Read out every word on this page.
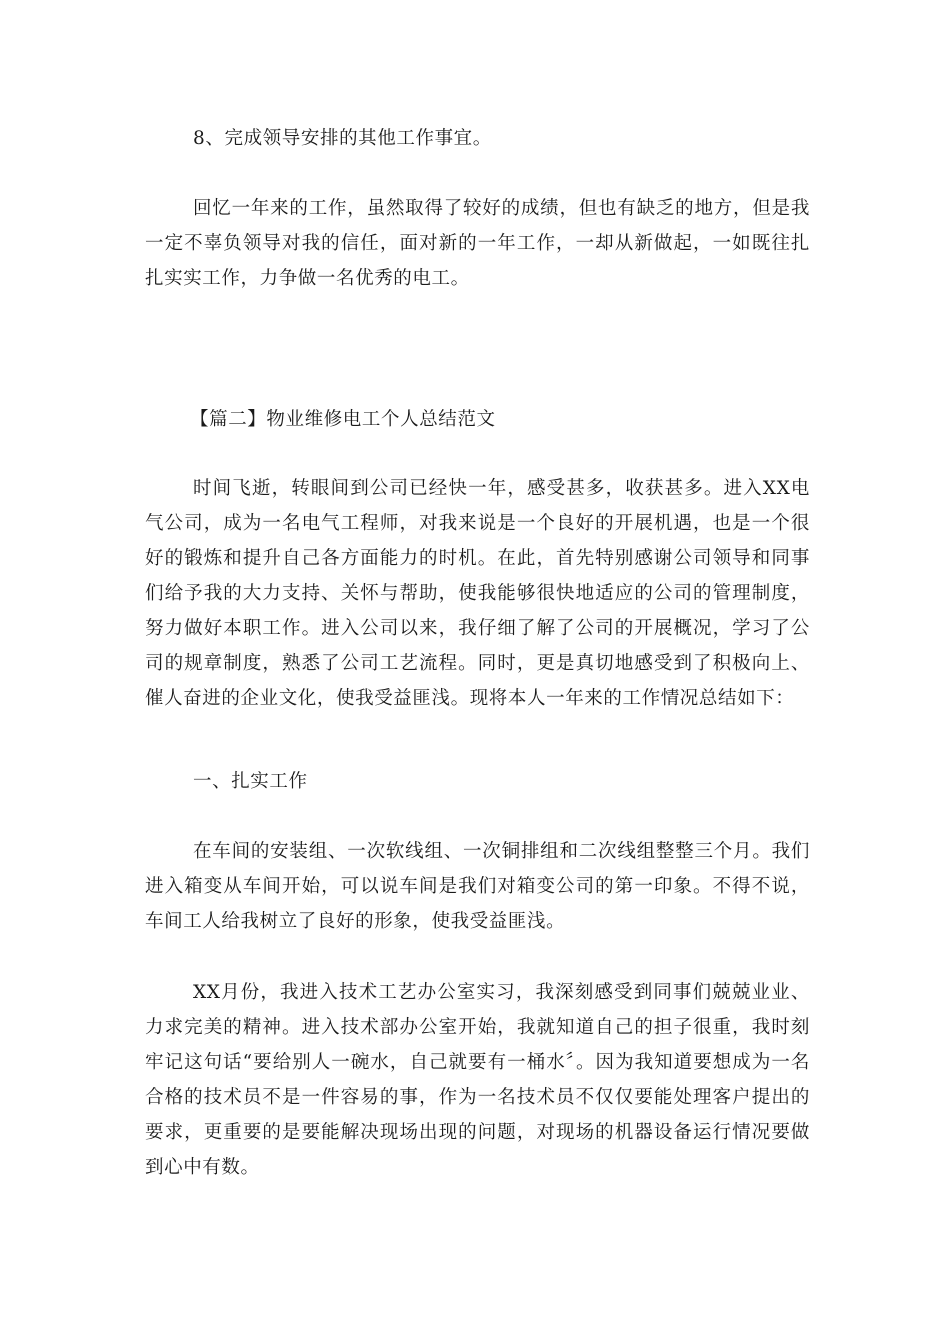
8、完成领导安排的其他工作事宜。

回忆一年来的工作，虽然取得了较好的成绩，但也有缺乏的地方，但是我一定不辜负领导对我的信任，面对新的一年工作，一却从新做起，一如既往扎扎实实工作，力争做一名优秀的电工。

【篇二】物业维修电工个人总结范文

时间飞逝，转眼间到公司已经快一年，感受甚多，收获甚多。进入XX电气公司，成为一名电气工程师，对我来说是一个良好的开展机遇，也是一个很好的锻炼和提升自己各方面能力的时机。在此，首先特别感谢公司领导和同事们给予我的大力支持、关怀与帮助，使我能够很快地适应的公司的管理制度，努力做好本职工作。进入公司以来，我仔细了解了公司的开展概况，学习了公司的规章制度，熟悉了公司工艺流程。同时，更是真切地感受到了积极向上、催人奋进的企业文化，使我受益匪浅。现将本人一年来的工作情况总结如下：

一、扎实工作

在车间的安装组、一次软线组、一次铜排组和二次线组整整三个月。我们进入箱变从车间开始，可以说车间是我们对箱变公司的第一印象。不得不说，车间工人给我树立了良好的形象，使我受益匪浅。

XX月份，我进入技术工艺办公室实习，我深刻感受到同事们兢兢业业、力求完美的精神。进入技术部办公室开始，我就知道自己的担子很重，我时刻牢记这句话“要给别人一碗水，自己就要有一桶水〞。因为我知道要想成为一名合格的技术员不是一件容易的事，作为一名技术员不仅仅要能处理客户提出的要求，更重要的是要能解决现场出现的问题，对现场的机器设备运行情况要做到心中有数。
